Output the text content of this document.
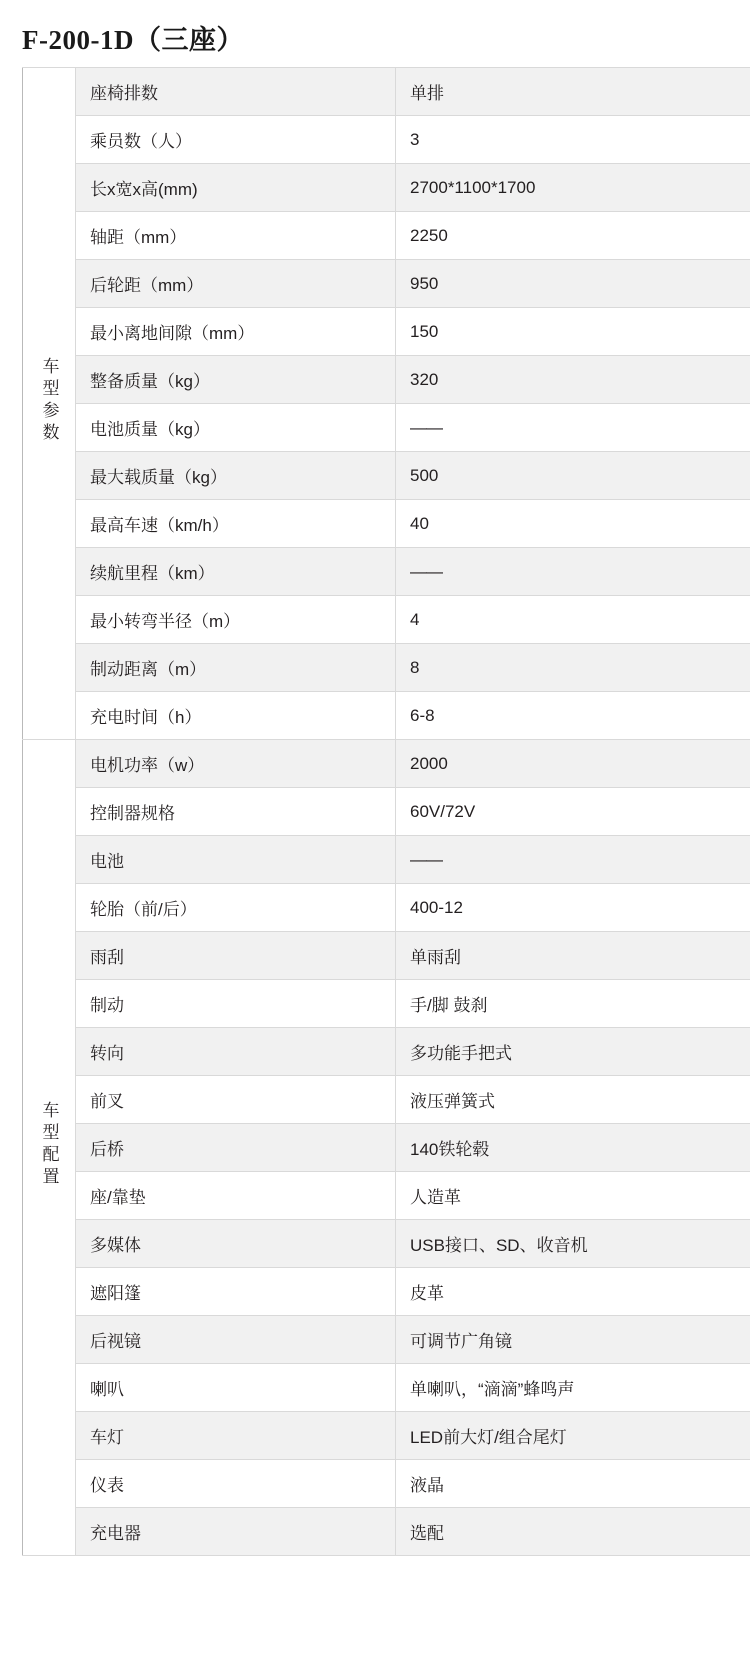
F-200-1D（三座）
车型参数	座椅排数	单排
	乘员数（人）	3
	长x宽x高(mm)	2700*1100*1700
	轴距（mm）	2250
	后轮距（mm）	950
	最小离地间隙（mm）	150
	整备质量（kg）	320
	电池质量（kg）	——
	最大载质量（kg）	500
	最高车速（km/h）	40
	续航里程（km）	——
	最小转弯半径（m）	4
	制动距离（m）	8
	充电时间（h）	6-8
车型配置	电机功率（w）	2000
	控制器规格	60V/72V
	电池	——
	轮胎（前/后）	400-12
	雨刮	单雨刮
	制动	手/脚 鼓刹
	转向	多功能手把式
	前叉	液压弹簧式
	后桥	140铁轮毂
	座/靠垫	人造革
	多媒体	USB接口、SD、收音机
	遮阳篷	皮革
	后视镜	可调节广角镜
	喇叭	单喇叭，“滴滴”蜂鸣声
	车灯	LED前大灯/组合尾灯
	仪表	液晶
	充电器	选配
